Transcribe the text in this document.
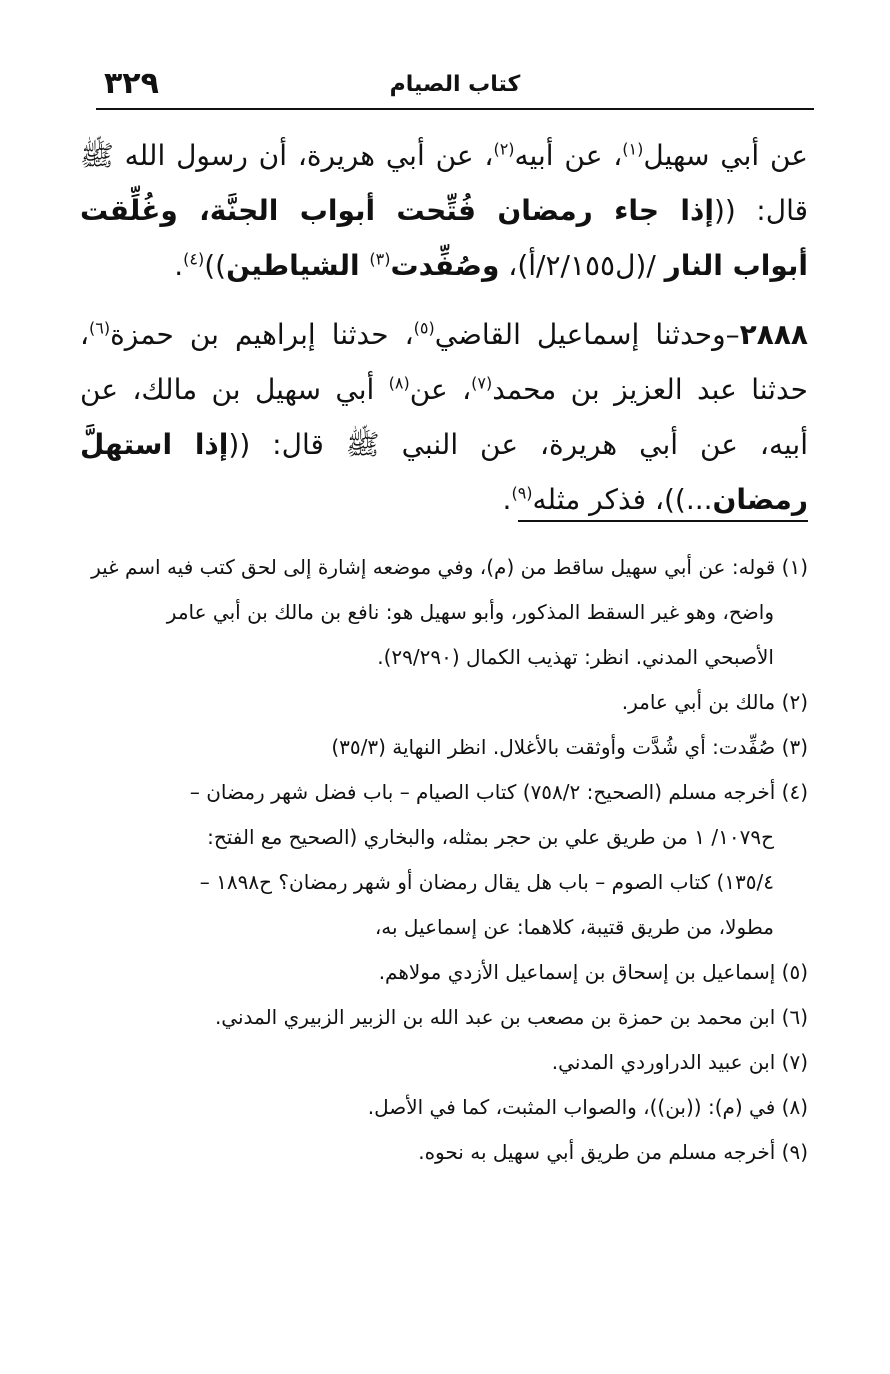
كتاب الصيام
٣٢٩

عن أبي سهيل$^{(١)}$، عن أبيه$^{(٢)}$، عن أبي هريرة، أن رسول الله ﷺ قال: ((إذا جاء رمضان فُتِّحت أبواب الجنَّة، وغُلِّقت أبواب النار /(ل٢/١٥٥/أ)، وصُفِّدت$^{(٣)}$ الشياطين))$^{(٤)}$.

٢٨٨٨–وحدثنا إسماعيل القاضي$^{(٥)}$، حدثنا إبراهيم بن حمزة$^{(٦)}$، حدثنا عبد العزيز بن محمد$^{(٧)}$، عن$^{(٨)}$ أبي سهيل بن مالك، عن أبيه، عن أبي هريرة، عن النبي ﷺ قال: ((إذا استهلَّ رمضان...))، فذكر مثله$^{(٩)}$.

(١) قوله: عن أبي سهيل ساقط من (م)، وفي موضعه إشارة إلى لحق كتب فيه اسم غير

واضح، وهو غير السقط المذكور، وأبو سهيل هو: نافع بن مالك بن أبي عامر

الأصبحي المدني. انظر: تهذيب الكمال (٢٩/٢٩٠).

(٢) مالك بن أبي عامر.

(٣) صُفِّدت: أي شُدَّت وأوثقت بالأغلال. انظر النهاية (٣٥/٣)

(٤) أخرجه مسلم (الصحيح: ٧٥٨/٢) كتاب الصيام – باب فضل شهر رمضان –

ح١٠٧٩/ ١ من طريق علي بن حجر بمثله، والبخاري (الصحيح مع الفتح:

١٣٥/٤) كتاب الصوم – باب هل يقال رمضان أو شهر رمضان؟ ح١٨٩٨ –

مطولا، من طريق قتيبة، كلاهما: عن إسماعيل به،

(٥) إسماعيل بن إسحاق بن إسماعيل الأزدي مولاهم.

(٦) ابن محمد بن حمزة بن مصعب بن عبد الله بن الزبير الزبيري المدني.

(٧) ابن عبيد الدراوردي المدني.

(٨) في (م): ((بن))، والصواب المثبت، كما في الأصل.

(٩) أخرجه مسلم من طريق أبي سهيل به نحوه.
